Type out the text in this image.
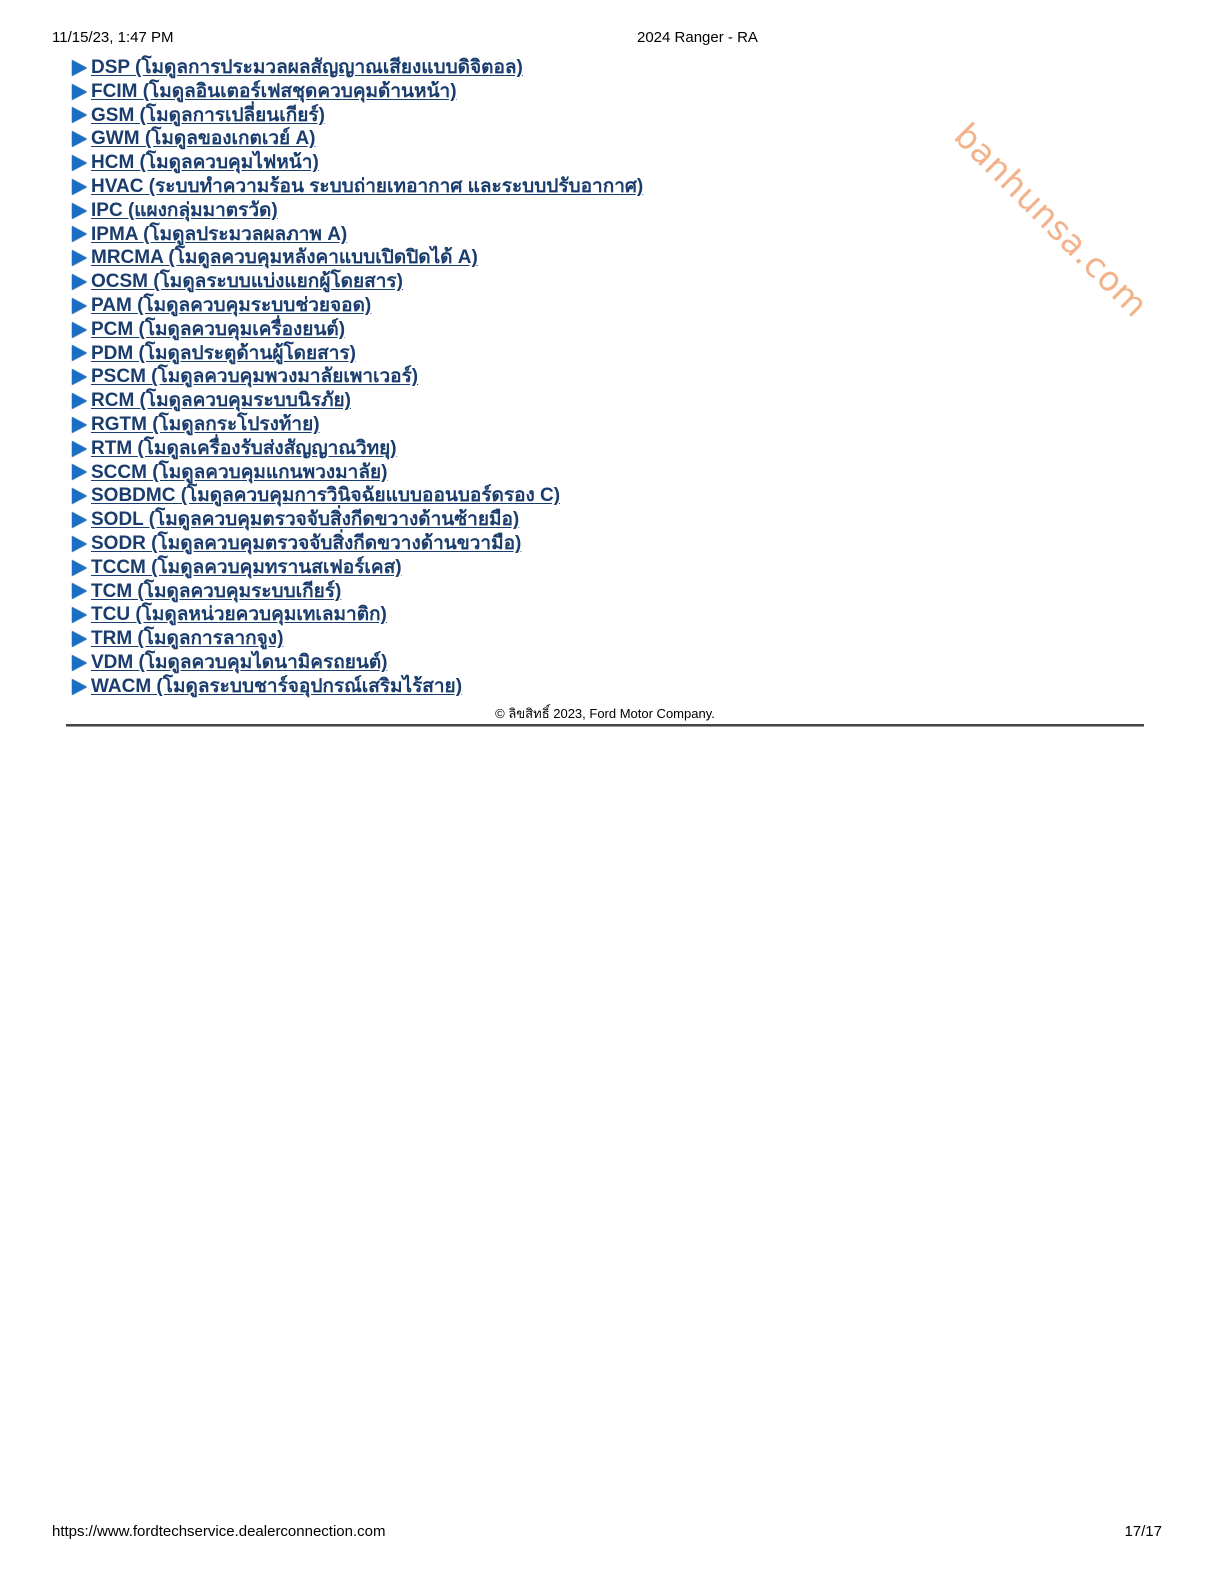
11/15/23, 1:47 PM	2024 Ranger - RA
banhunsa.com
DSP (โมดูลการประมวลผลสัญญาณเสียงแบบดิจิตอล)
FCIM (โมดูลอินเตอร์เฟสชุดควบคุมด้านหน้า)
GSM (โมดูลการเปลี่ยนเกียร์)
GWM (โมดูลของเกตเวย์ A)
HCM (โมดูลควบคุมไฟหน้า)
HVAC (ระบบทำความร้อน ระบบถ่ายเทอากาศ และระบบปรับอากาศ)
IPC (แผงกลุ่มมาตรวัด)
IPMA (โมดูลประมวลผลภาพ A)
MRCMA (โมดูลควบคุมหลังคาแบบเปิดปิดได้ A)
OCSM (โมดูลระบบแบ่งแยกผู้โดยสาร)
PAM (โมดูลควบคุมระบบช่วยจอด)
PCM (โมดูลควบคุมเครื่องยนต์)
PDM (โมดูลประตูด้านผู้โดยสาร)
PSCM (โมดูลควบคุมพวงมาลัยเพาเวอร์)
RCM (โมดูลควบคุมระบบนิรภัย)
RGTM (โมดูลกระโปรงท้าย)
RTM (โมดูลเครื่องรับส่งสัญญาณวิทยุ)
SCCM (โมดูลควบคุมแกนพวงมาลัย)
SOBDMC (โมดูลควบคุมการวินิจฉัยแบบออนบอร์ดรอง C)
SODL (โมดูลควบคุมตรวจจับสิ่งกีดขวางด้านซ้ายมือ)
SODR (โมดูลควบคุมตรวจจับสิ่งกีดขวางด้านขวามือ)
TCCM (โมดูลควบคุมทรานสเฟอร์เคส)
TCM (โมดูลควบคุมระบบเกียร์)
TCU (โมดูลหน่วยควบคุมเทเลมาติก)
TRM (โมดูลการลากจูง)
VDM (โมดูลควบคุมไดนามิครถยนต์)
WACM (โมดูลระบบชาร์จอุปกรณ์เสริมไร้สาย)
© ลิขสิทธิ์ 2023, Ford Motor Company.
https://www.fordtechservice.dealerconnection.com	17/17
